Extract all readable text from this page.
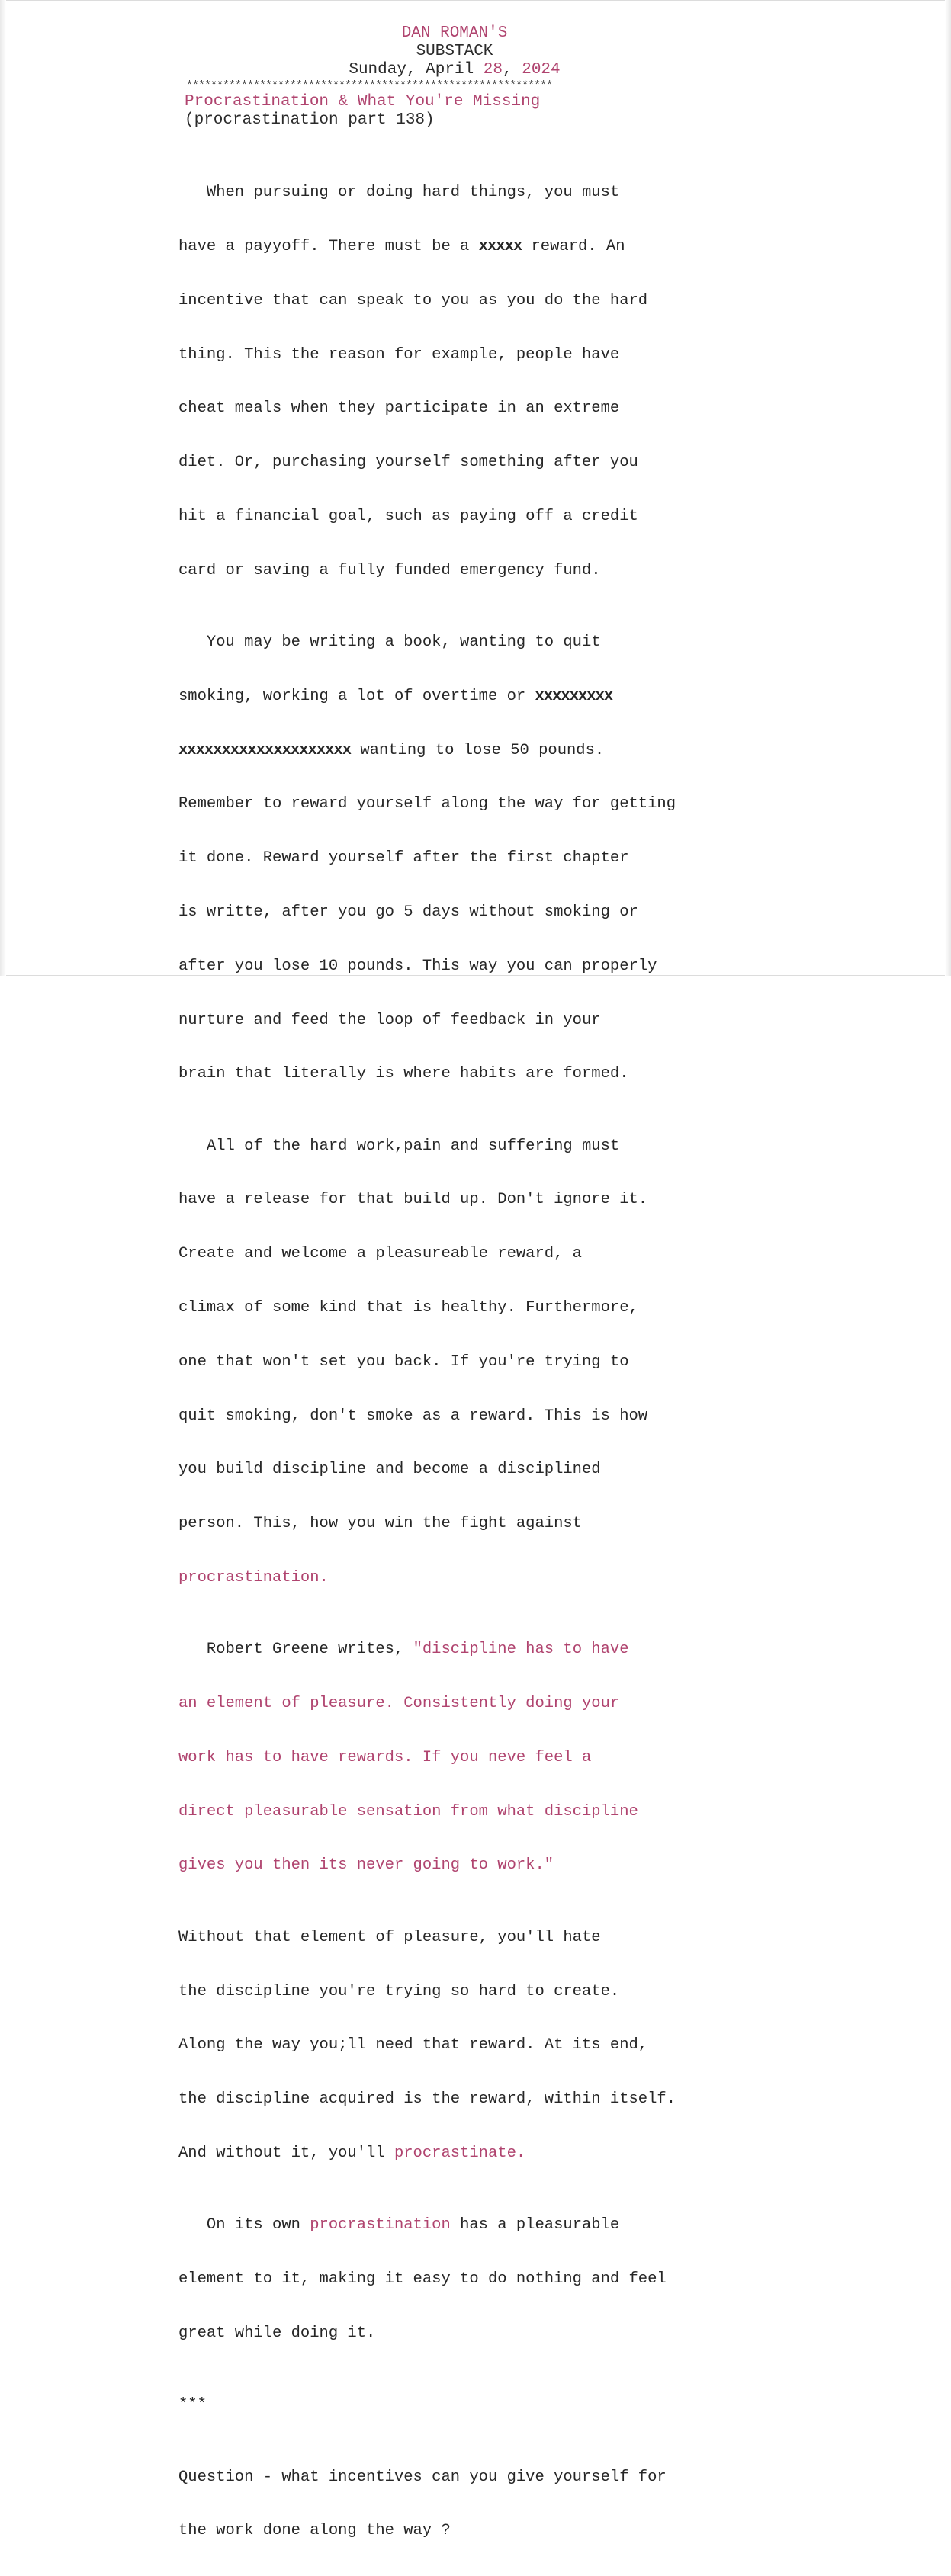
DAN ROMAN'S
SUBSTACK
Sunday, April 28, 2024
************************************************************
Procrastination & What You're Missing
(procrastination part 138)

When pursuing or doing hard things, you must

have a payyoff. There must be a xxxxx reward. An

incentive that can speak to you as you do the hard

thing. This the reason for example, people have

cheat meals when they participate in an extreme

diet. Or, purchasing yourself something after you

hit a financial goal, such as paying off a credit

card or saving a fully funded emergency fund.

You may be writing a book, wanting to quit

smoking, working a lot of overtime or xxxxxxxxx

xxxxxxxxxxxxxxxxxxxx wanting to lose 50 pounds.

Remember to reward yourself along the way for getting

it done. Reward yourself after the first chapter

is writte, after you go 5 days without smoking or

after you lose 10 pounds. This way you can properly

nurture and feed the loop of feedback in your

brain that literally is where habits are formed.

All of the hard work,pain and suffering must

have a release for that build up. Don't ignore it.

Create and welcome a pleasureable reward, a

climax of some kind that is healthy. Furthermore,

one that won't set you back. If you're trying to

quit smoking, don't smoke as a reward. This is how

you build discipline and become a disciplined

person. This, how you win the fight against

procrastination.

Robert Greene writes, "discipline has to have

an element of pleasure. Consistently doing your

work has to have rewards. If you neve feel a

direct pleasurable sensation from what discipline

gives you then its never going to work."

Without that element of pleasure, you'll hate

the discipline you're trying so hard to create.

Along the way you;ll need that reward. At its end,

the discipline acquired is the reward, within itself.

And without it, you'll procrastinate.

On its own procrastination has a pleasurable

element to it, making it easy to do nothing and feel

great while doing it.

***

Question - what incentives can you give yourself for

the work done along the way ?
